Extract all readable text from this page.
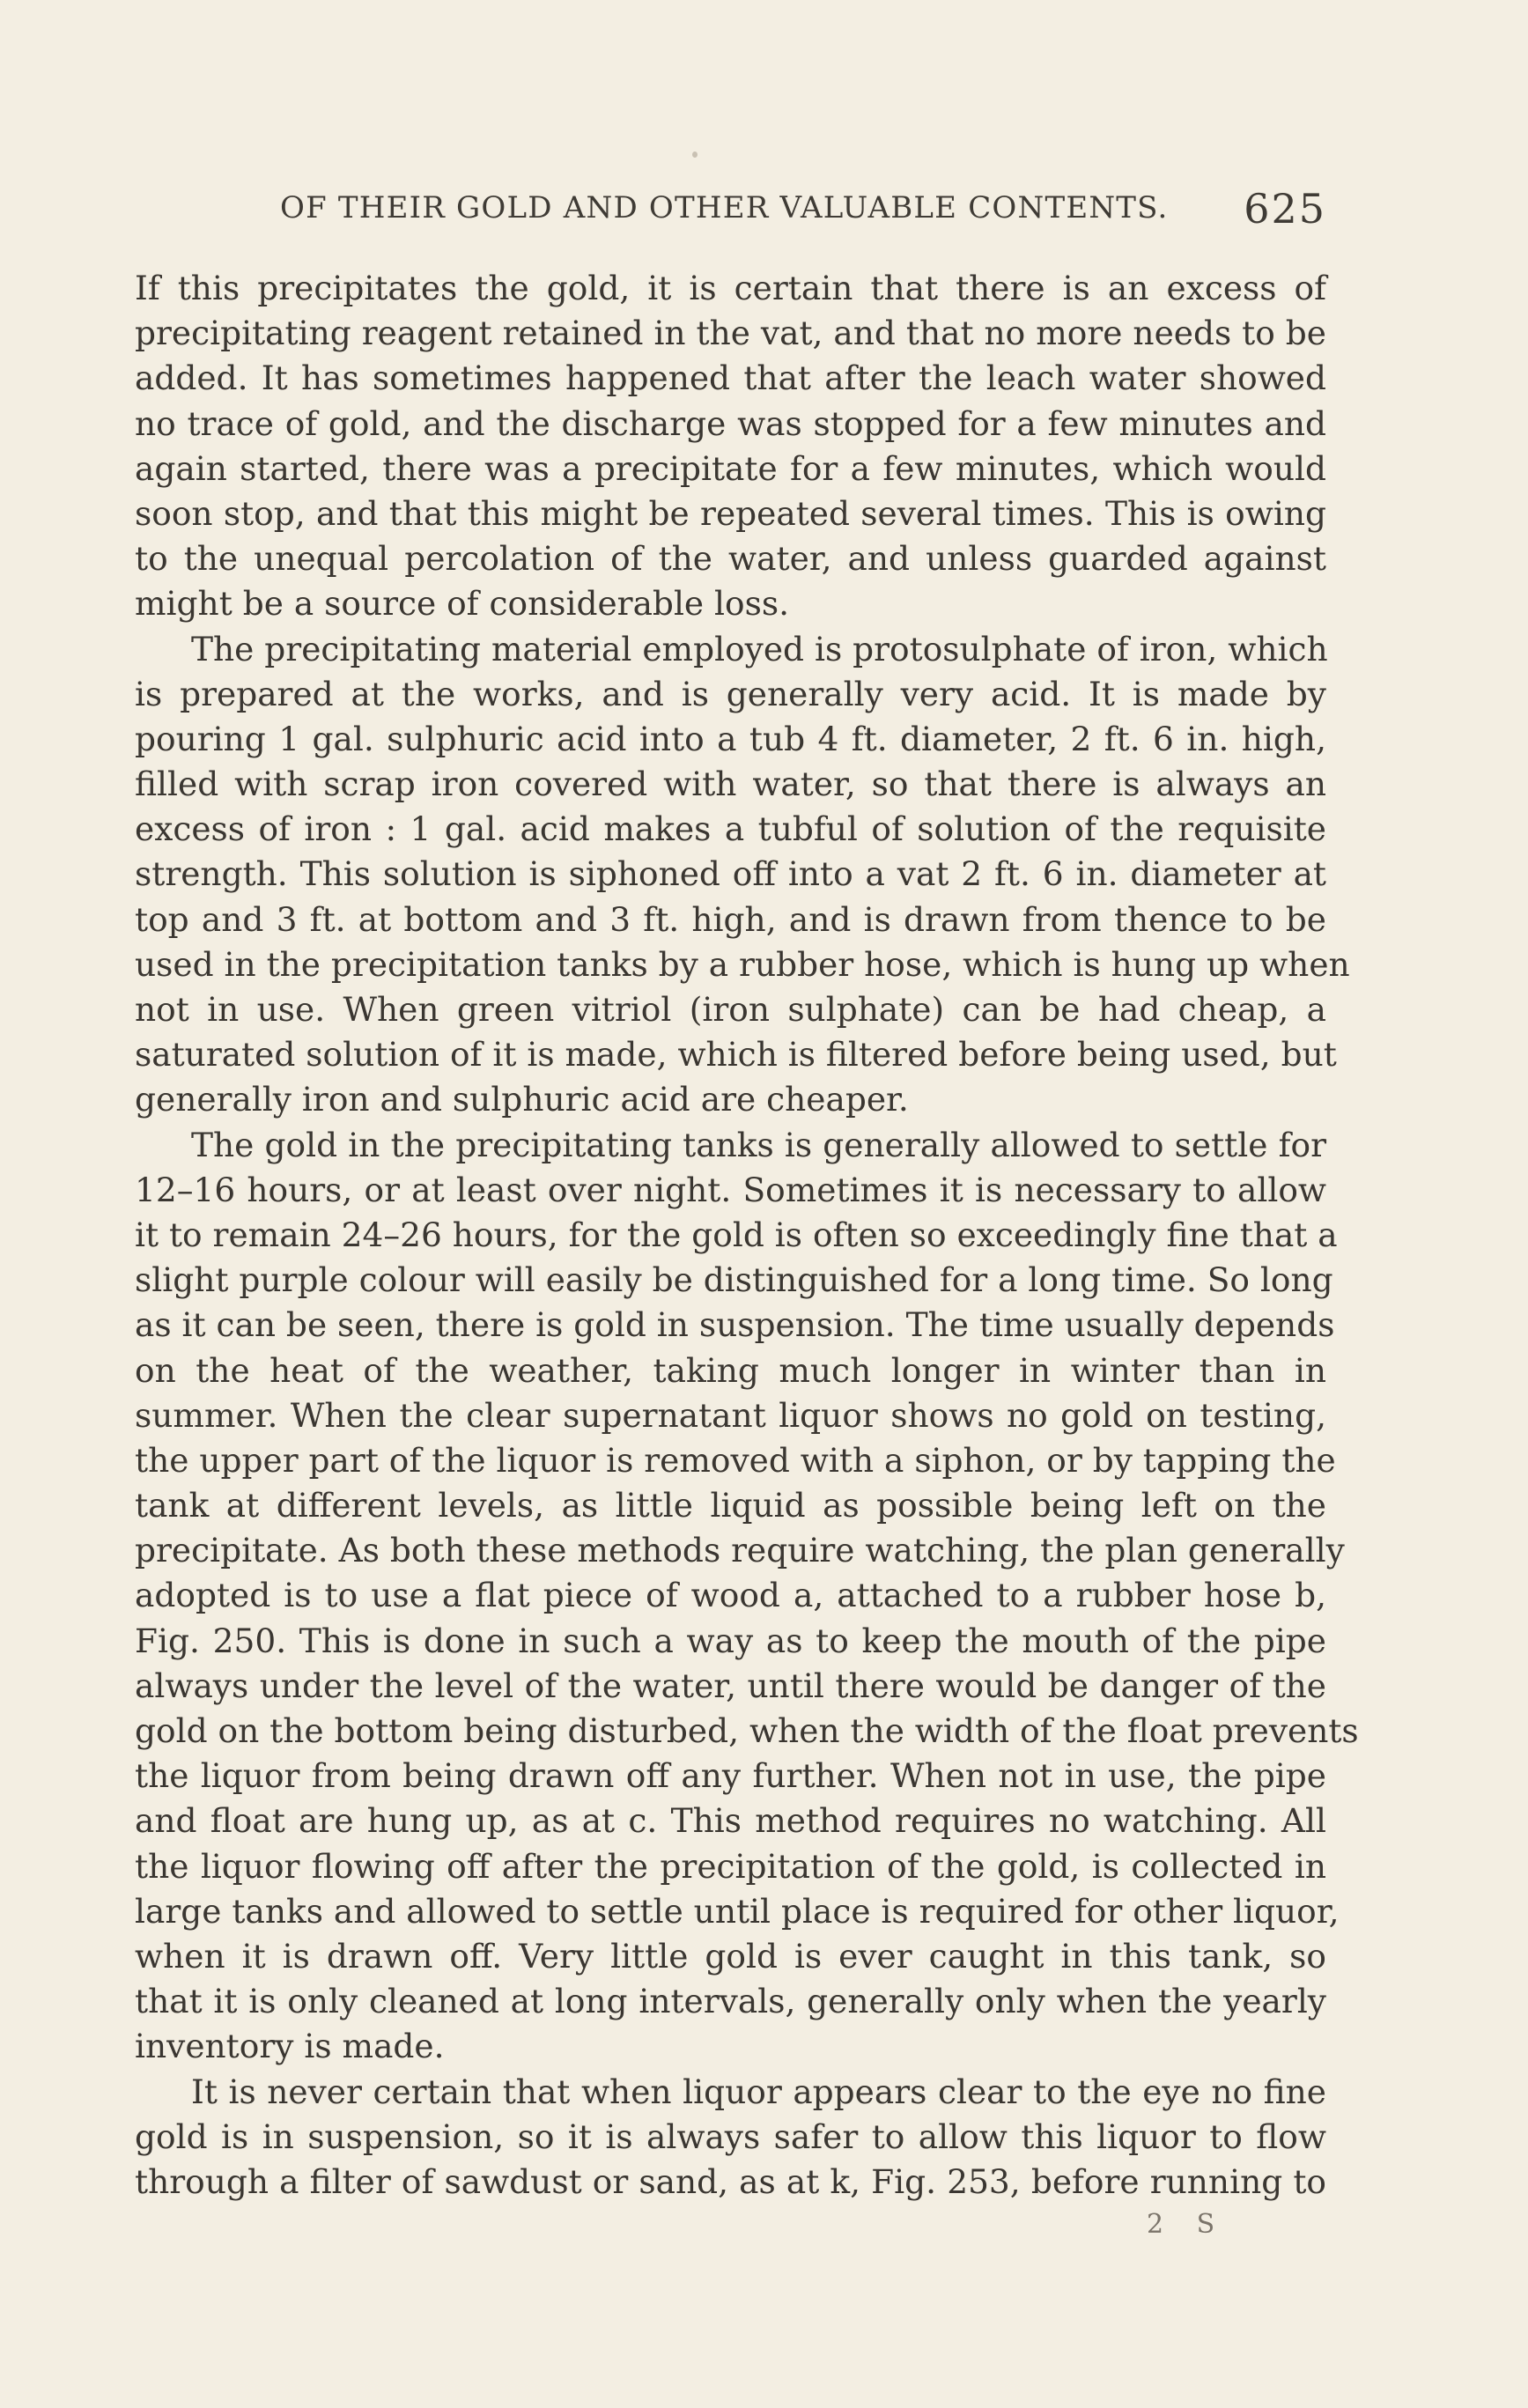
OF THEIR GOLD AND OTHER VALUABLE CONTENTS. 625
If this precipitates the gold, it is certain that there is an excess of
precipitating reagent retained in the vat, and that no more needs to be
added. It has sometimes happened that after the leach water showed
no trace of gold, and the discharge was stopped for a few minutes and
again started, there was a precipitate for a few minutes, which would
soon stop, and that this might be repeated several times. This is owing
to the unequal percolation of the water, and unless guarded against
might be a source of considerable loss.
The precipitating material employed is protosulphate of iron, which
is prepared at the works, and is generally very acid. It is made by
pouring 1 gal. sulphuric acid into a tub 4 ft. diameter, 2 ft. 6 in. high,
filled with scrap iron covered with water, so that there is always an
excess of iron : 1 gal. acid makes a tubful of solution of the requisite
strength. This solution is siphoned off into a vat 2 ft. 6 in. diameter at
top and 3 ft. at bottom and 3 ft. high, and is drawn from thence to be
used in the precipitation tanks by a rubber hose, which is hung up when
not in use. When green vitriol (iron sulphate) can be had cheap, a
saturated solution of it is made, which is filtered before being used, but
generally iron and sulphuric acid are cheaper.
The gold in the precipitating tanks is generally allowed to settle for
12–16 hours, or at least over night. Sometimes it is necessary to allow
it to remain 24–26 hours, for the gold is often so exceedingly fine that a
slight purple colour will easily be distinguished for a long time. So long
as it can be seen, there is gold in suspension. The time usually depends
on the heat of the weather, taking much longer in winter than in
summer. When the clear supernatant liquor shows no gold on testing,
the upper part of the liquor is removed with a siphon, or by tapping the
tank at different levels, as little liquid as possible being left on the
precipitate. As both these methods require watching, the plan generally
adopted is to use a flat piece of wood a, attached to a rubber hose b,
Fig. 250. This is done in such a way as to keep the mouth of the pipe
always under the level of the water, until there would be danger of the
gold on the bottom being disturbed, when the width of the float prevents
the liquor from being drawn off any further. When not in use, the pipe
and float are hung up, as at c. This method requires no watching. All
the liquor flowing off after the precipitation of the gold, is collected in
large tanks and allowed to settle until place is required for other liquor,
when it is drawn off. Very little gold is ever caught in this tank, so
that it is only cleaned at long intervals, generally only when the yearly
inventory is made.
It is never certain that when liquor appears clear to the eye no fine
gold is in suspension, so it is always safer to allow this liquor to flow
through a filter of sawdust or sand, as at k, Fig. 253, before running to
2 S
